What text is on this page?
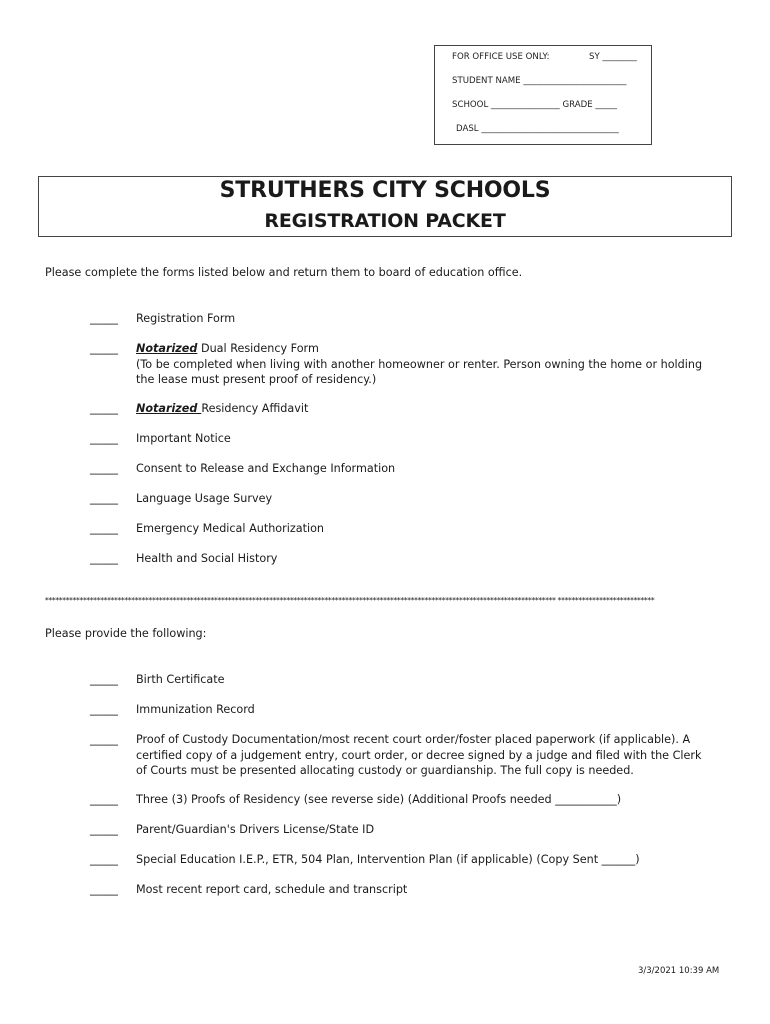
FOR OFFICE USE ONLY:	SY ________
STUDENT NAME ________________________
SCHOOL ________________ GRADE _____
DASL ________________________________
STRUTHERS CITY SCHOOLS
REGISTRATION PACKET
Please complete the forms listed below and return them to board of education office.
_____ Registration Form
_____ Notarized Dual Residency Form
(To be completed when living with another homeowner or renter. Person owning the home or holding
the lease must present proof of residency.)
_____ Notarized Residency Affidavit
_____ Important Notice
_____ Consent to Release and Exchange Information
_____ Language Usage Survey
_____ Emergency Medical Authorization
_____ Health and Social History
**************************************************************************************************************************************************** ****************************
Please provide the following:
_____ Birth Certificate
_____ Immunization Record
_____ Proof of Custody Documentation/most recent court order/foster placed paperwork (if applicable). A
certified copy of a judgement entry, court order, or decree signed by a judge and filed with the Clerk
of Courts must be presented allocating custody or guardianship. The full copy is needed.
_____ Three (3) Proofs of Residency (see reverse side) (Additional Proofs needed ___________)
_____ Parent/Guardian's Drivers License/State ID
_____ Special Education I.E.P., ETR, 504 Plan, Intervention Plan (if applicable) (Copy Sent ______)
_____ Most recent report card, schedule and transcript
3/3/2021 10:39 AM
